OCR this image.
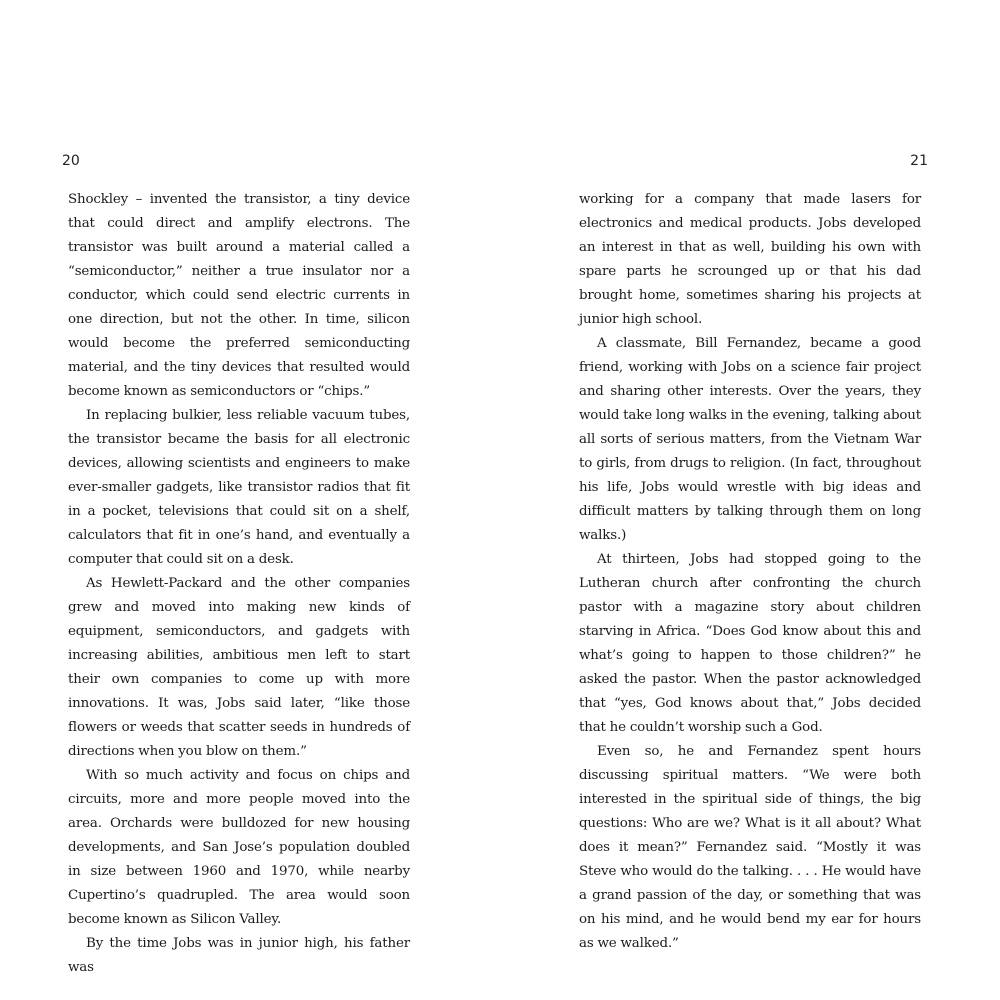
20

Shockley – invented the transistor, a tiny device that could direct and amplify electrons. The transistor was built around a material called a “semiconductor,” neither a true insulator nor a conductor, which could send electric currents in one direction, but not the other. In time, silicon would become the preferred semiconducting material, and the tiny devices that resulted would become known as semiconductors or “chips.”

In replacing bulkier, less reliable vacuum tubes, the transistor became the basis for all electronic devices, allowing scientists and engineers to make ever-smaller gadgets, like transistor radios that fit in a pocket, televisions that could sit on a shelf, calculators that fit in one’s hand, and eventually a computer that could sit on a desk.

As Hewlett-Packard and the other companies grew and moved into making new kinds of equipment, semiconductors, and gadgets with increasing abilities, ambitious men left to start their own companies to come up with more innovations. It was, Jobs said later, “like those flowers or weeds that scatter seeds in hundreds of directions when you blow on them.”

With so much activity and focus on chips and circuits, more and more people moved into the area. Orchards were bulldozed for new housing developments, and San Jose’s population doubled in size between 1960 and 1970, while nearby Cupertino’s quadrupled. The area would soon become known as Silicon Valley.

By the time Jobs was in junior high, his father was

21

working for a company that made lasers for electronics and medical products. Jobs developed an interest in that as well, building his own with spare parts he scrounged up or that his dad brought home, sometimes sharing his projects at junior high school.

A classmate, Bill Fernandez, became a good friend, working with Jobs on a science fair project and sharing other interests. Over the years, they would take long walks in the evening, talking about all sorts of serious matters, from the Vietnam War to girls, from drugs to religion. (In fact, throughout his life, Jobs would wrestle with big ideas and difficult matters by talking through them on long walks.)

At thirteen, Jobs had stopped going to the Lutheran church after confronting the church pastor with a magazine story about children starving in Africa. “Does God know about this and what’s going to happen to those children?” he asked the pastor. When the pastor acknowledged that “yes, God knows about that,” Jobs decided that he couldn’t worship such a God.

Even so, he and Fernandez spent hours discussing spiritual matters. “We were both interested in the spiritual side of things, the big questions: Who are we? What is it all about? What does it mean?” Fernandez said. “Mostly it was Steve who would do the talking. . . . He would have a grand passion of the day, or something that was on his mind, and he would bend my ear for hours as we walked.”
